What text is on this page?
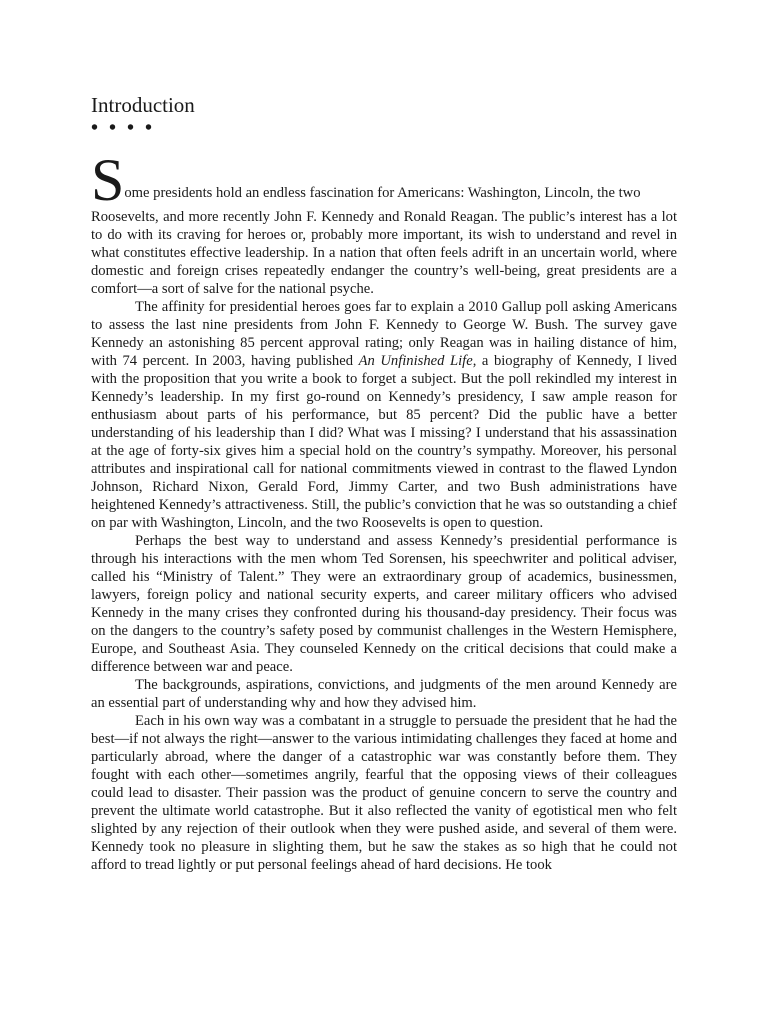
Introduction
• • • •
S ome presidents hold an endless fascination for Americans: Washington, Lincoln, the two

Roosevelts, and more recently John F. Kennedy and Ronald Reagan. The public’s interest has a lot to do with its craving for heroes or, probably more important, its wish to understand and revel in what constitutes effective leadership. In a nation that often feels adrift in an uncertain world, where domestic and foreign crises repeatedly endanger the country’s well-being, great presidents are a comfort—a sort of salve for the national psyche.

The affinity for presidential heroes goes far to explain a 2010 Gallup poll asking Americans to assess the last nine presidents from John F. Kennedy to George W. Bush. The survey gave Kennedy an astonishing 85 percent approval rating; only Reagan was in hailing distance of him, with 74 percent. In 2003, having published An Unfinished Life, a biography of Kennedy, I lived with the proposition that you write a book to forget a subject. But the poll rekindled my interest in Kennedy’s leadership. In my first go-round on Kennedy’s presidency, I saw ample reason for enthusiasm about parts of his performance, but 85 percent? Did the public have a better understanding of his leadership than I did? What was I missing? I understand that his assassination at the age of forty-six gives him a special hold on the country’s sympathy. Moreover, his personal attributes and inspirational call for national commitments viewed in contrast to the flawed Lyndon Johnson, Richard Nixon, Gerald Ford, Jimmy Carter, and two Bush administrations have heightened Kennedy’s attractiveness. Still, the public’s conviction that he was so outstanding a chief on par with Washington, Lincoln, and the two Roosevelts is open to question.

Perhaps the best way to understand and assess Kennedy’s presidential performance is through his interactions with the men whom Ted Sorensen, his speechwriter and political adviser, called his “Ministry of Talent.” They were an extraordinary group of academics, businessmen, lawyers, foreign policy and national security experts, and career military officers who advised Kennedy in the many crises they confronted during his thousand-day presidency. Their focus was on the dangers to the country’s safety posed by communist challenges in the Western Hemisphere, Europe, and Southeast Asia. They counseled Kennedy on the critical decisions that could make a difference between war and peace.

The backgrounds, aspirations, convictions, and judgments of the men around Kennedy are an essential part of understanding why and how they advised him.

Each in his own way was a combatant in a struggle to persuade the president that he had the best—if not always the right—answer to the various intimidating challenges they faced at home and particularly abroad, where the danger of a catastrophic war was constantly before them. They fought with each other—sometimes angrily, fearful that the opposing views of their colleagues could lead to disaster. Their passion was the product of genuine concern to serve the country and prevent the ultimate world catastrophe. But it also reflected the vanity of egotistical men who felt slighted by any rejection of their outlook when they were pushed aside, and several of them were. Kennedy took no pleasure in slighting them, but he saw the stakes as so high that he could not afford to tread lightly or put personal feelings ahead of hard decisions. He took
